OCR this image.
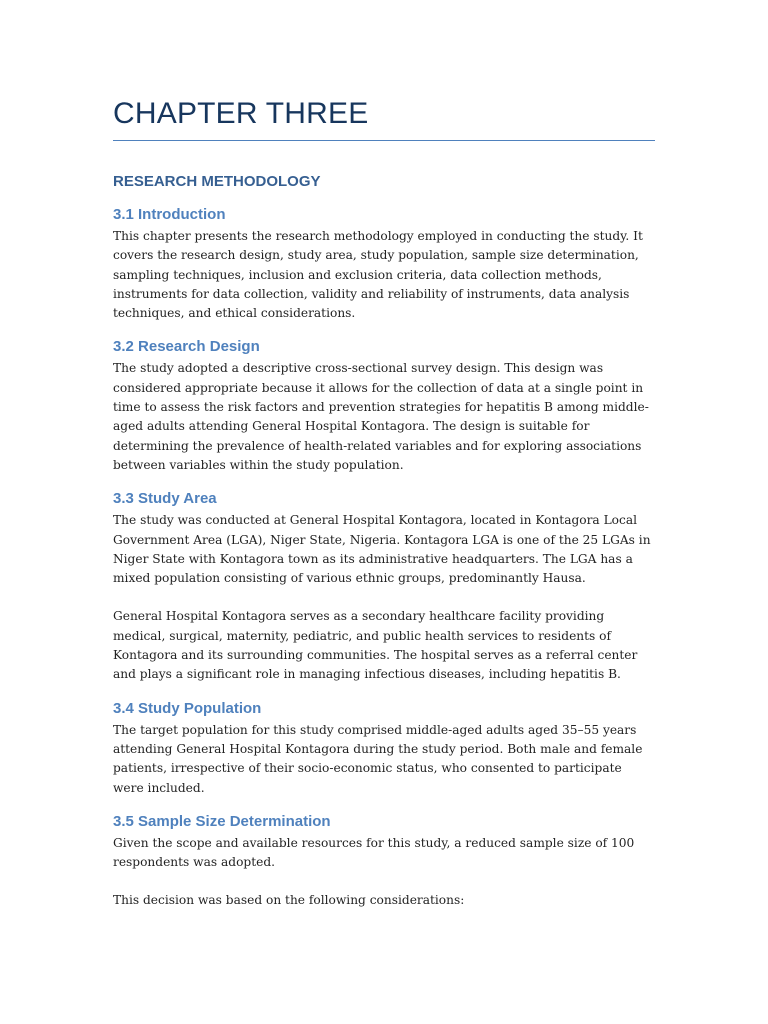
CHAPTER THREE
RESEARCH METHODOLOGY
3.1 Introduction

This chapter presents the research methodology employed in conducting the study. It covers the research design, study area, study population, sample size determination, sampling techniques, inclusion and exclusion criteria, data collection methods, instruments for data collection, validity and reliability of instruments, data analysis techniques, and ethical considerations.

3.2 Research Design

The study adopted a descriptive cross-sectional survey design. This design was considered appropriate because it allows for the collection of data at a single point in time to assess the risk factors and prevention strategies for hepatitis B among middle-aged adults attending General Hospital Kontagora. The design is suitable for determining the prevalence of health-related variables and for exploring associations between variables within the study population.

3.3 Study Area

The study was conducted at General Hospital Kontagora, located in Kontagora Local Government Area (LGA), Niger State, Nigeria. Kontagora LGA is one of the 25 LGAs in Niger State with Kontagora town as its administrative headquarters. The LGA has a mixed population consisting of various ethnic groups, predominantly Hausa.

General Hospital Kontagora serves as a secondary healthcare facility providing medical, surgical, maternity, pediatric, and public health services to residents of Kontagora and its surrounding communities. The hospital serves as a referral center and plays a significant role in managing infectious diseases, including hepatitis B.

3.4 Study Population

The target population for this study comprised middle-aged adults aged 35–55 years attending General Hospital Kontagora during the study period. Both male and female patients, irrespective of their socio-economic status, who consented to participate were included.

3.5 Sample Size Determination

Given the scope and available resources for this study, a reduced sample size of 100 respondents was adopted.

This decision was based on the following considerations:
